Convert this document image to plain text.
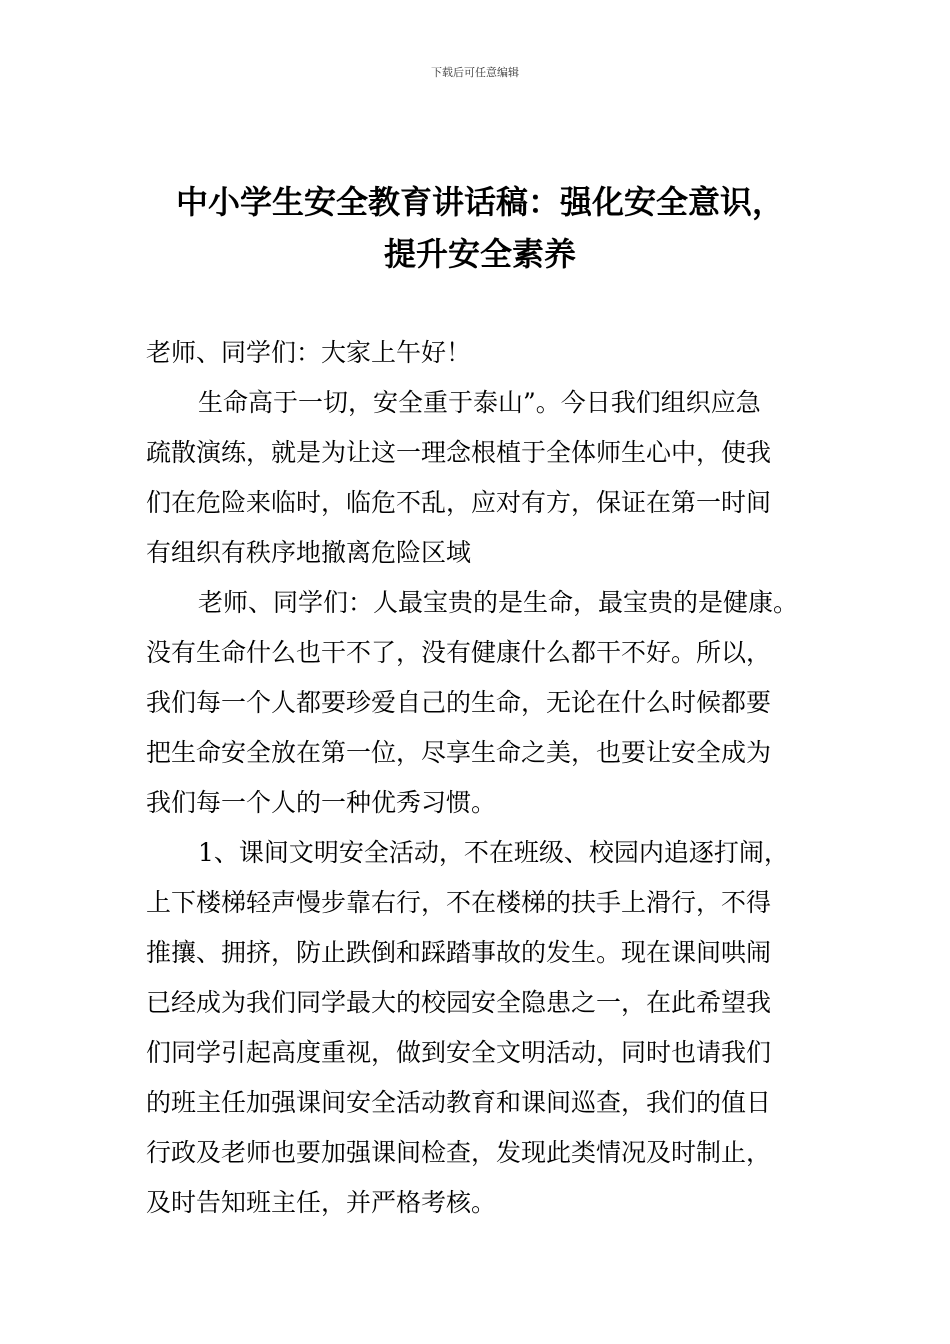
下载后可任意编辑
中小学生安全教育讲话稿：强化安全意识，
提升安全素养
老师、同学们：大家上午好！
生命高于一切，安全重于泰山”。今日我们组织应急
疏散演练，就是为让这一理念根植于全体师生心中，使我
们在危险来临时，临危不乱，应对有方，保证在第一时间
有组织有秩序地撤离危险区域
老师、同学们：人最宝贵的是生命，最宝贵的是健康。
没有生命什么也干不了，没有健康什么都干不好。所以，
我们每一个人都要珍爱自己的生命，无论在什么时候都要
把生命安全放在第一位，尽享生命之美，也要让安全成为
我们每一个人的一种优秀习惯。
1、课间文明安全活动，不在班级、校园内追逐打闹，
上下楼梯轻声慢步靠右行，不在楼梯的扶手上滑行，不得
推攘、拥挤，防止跌倒和踩踏事故的发生。现在课间哄闹
已经成为我们同学最大的校园安全隐患之一，在此希望我
们同学引起高度重视，做到安全文明活动，同时也请我们
的班主任加强课间安全活动教育和课间巡查，我们的值日
行政及老师也要加强课间检查，发现此类情况及时制止，
及时告知班主任，并严格考核。
